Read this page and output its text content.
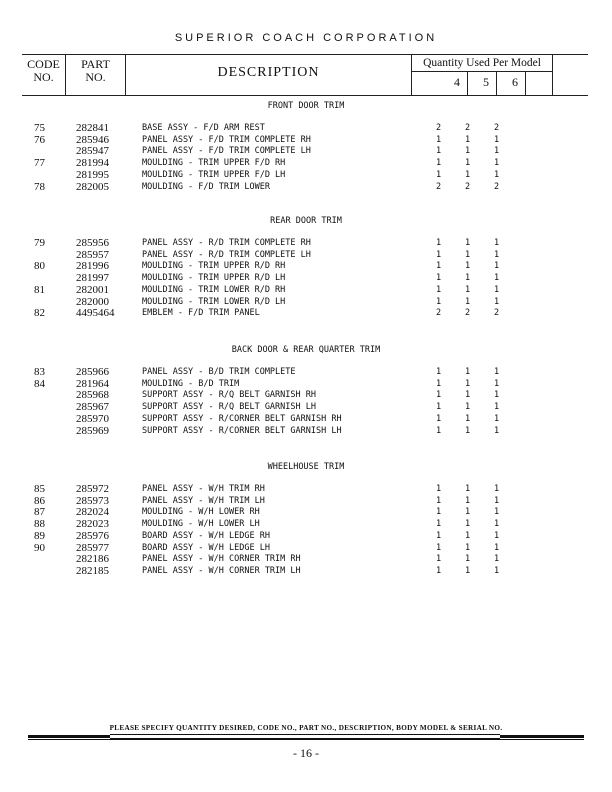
SUPERIOR COACH CORPORATION
CODE
NO.
PART
NO.	DESCRIPTION
Quantity Used Per Model
4	5	6
FRONT DOOR TRIM
75	282841	BASE ASSY - F/D ARM REST	2	2	2
76	285946	PANEL ASSY - F/D TRIM COMPLETE RH	1	1	1
285947	PANEL ASSY - F/D TRIM COMPLETE LH	1	1	1
77	281994	MOULDING - TRIM UPPER F/D RH	1	1	1
281995	MOULDING - TRIM UPPER F/D LH	1	1	1
78	282005	MOULDING - F/D TRIM LOWER	2	2	2
REAR DOOR TRIM
79	285956	PANEL ASSY - R/D TRIM COMPLETE RH	1	1	1
285957	PANEL ASSY - R/D TRIM COMPLETE LH	1	1	1
80	281996	MOULDING - TRIM UPPER R/D RH	1	1	1
281997	MOULDING - TRIM UPPER R/D LH	1	1	1
81	282001	MOULDING - TRIM LOWER R/D RH	1	1	1
282000	MOULDING - TRIM LOWER R/D LH	1	1	1
82	4495464	EMBLEM - F/D TRIM PANEL	2	2	2
BACK DOOR & REAR QUARTER TRIM
83	285966	PANEL ASSY - B/D TRIM COMPLETE	1	1	1
84	281964	MOULDING - B/D TRIM	1	1	1
285968	SUPPORT ASSY - R/Q BELT GARNISH RH	1	1	1
285967	SUPPORT ASSY - R/Q BELT GARNISH LH	1	1	1
285970	SUPPORT ASSY - R/CORNER BELT GARNISH RH	1	1	1
285969	SUPPORT ASSY - R/CORNER BELT GARNISH LH	1	1	1
WHEELHOUSE TRIM
85	285972	PANEL ASSY - W/H TRIM RH	1	1	1
86	285973	PANEL ASSY - W/H TRIM LH	1	1	1
87	282024	MOULDING - W/H LOWER RH	1	1	1
88	282023	MOULDING - W/H LOWER LH	1	1	1
89	285976	BOARD ASSY - W/H LEDGE RH	1	1	1
90	285977	BOARD ASSY - W/H LEDGE LH	1	1	1
282186	PANEL ASSY - W/H CORNER TRIM RH	1	1	1
282185	PANEL ASSY - W/H CORNER TRIM LH	1	1	1
PLEASE SPECIFY QUANTITY DESIRED, CODE NO., PART NO., DESCRIPTION, BODY MODEL & SERIAL NO.
- 16 -
